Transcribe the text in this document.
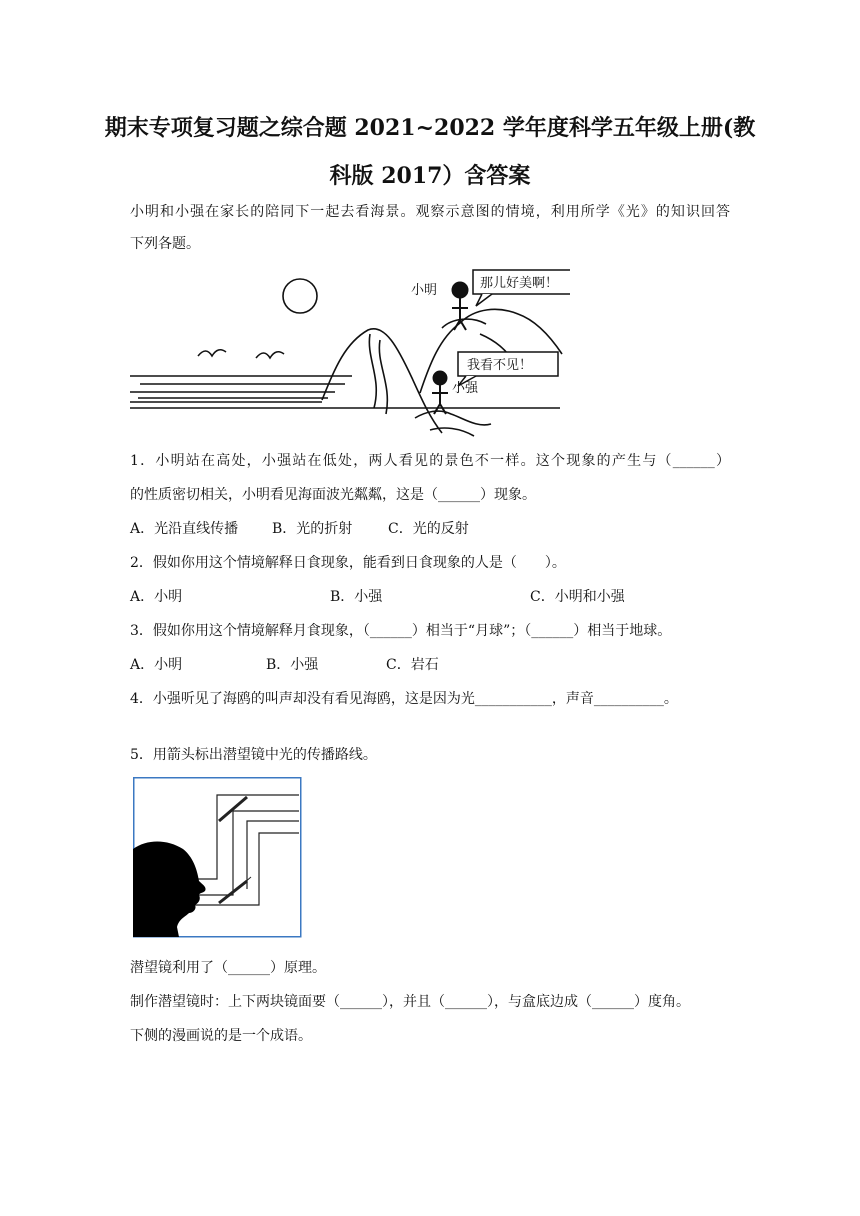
期末专项复习题之综合题 2021~2022 学年度科学五年级上册(教
科版 2017）含答案
小明和小强在家长的陪同下一起去看海景。观察示意图的情境，利用所学《光》的知识回答
下列各题。
小明
小强
那儿好美啊！
我看不见！
1．小明站在高处，小强站在低处，两人看见的景色不一样。这个现象的产生与（______）
的性质密切相关，小明看见海面波光粼粼，这是（______）现象。
A．光沿直线传播 B．光的折射	C．光的反射
2．假如你用这个情境解释日食现象，能看到日食现象的人是（　　）。
A．小明	B．小强	C．小明和小强
3．假如你用这个情境解释月食现象，（______）相当于“月球”；（______）相当于地球。
A．小明	B．小强	C．岩石
4．小强听见了海鸥的叫声却没有看见海鸥，这是因为光___________，声音__________。
5．用箭头标出潜望镜中光的传播路线。
潜望镜利用了（______）原理。
制作潜望镜时：上下两块镜面要（______），并且（______），与盒底边成（______）度角。
下侧的漫画说的是一个成语。
